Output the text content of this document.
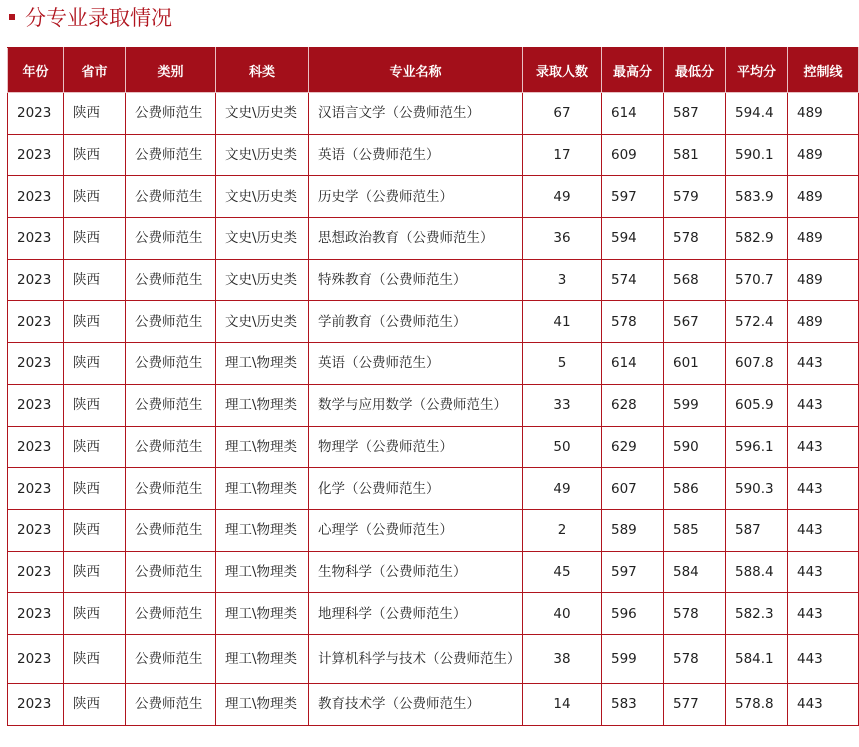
分专业录取情况
年份	省市	类别	科类	专业名称	录取人数	最高分	最低分	平均分	控制线
2023	陕西	公费师范生	文史\历史类	汉语言文学（公费师范生）	67	614	587	594.4	489
2023	陕西	公费师范生	文史\历史类	英语（公费师范生）	17	609	581	590.1	489
2023	陕西	公费师范生	文史\历史类	历史学（公费师范生）	49	597	579	583.9	489
2023	陕西	公费师范生	文史\历史类	思想政治教育（公费师范生）	36	594	578	582.9	489
2023	陕西	公费师范生	文史\历史类	特殊教育（公费师范生）	3	574	568	570.7	489
2023	陕西	公费师范生	文史\历史类	学前教育（公费师范生）	41	578	567	572.4	489
2023	陕西	公费师范生	理工\物理类	英语（公费师范生）	5	614	601	607.8	443
2023	陕西	公费师范生	理工\物理类	数学与应用数学（公费师范生）	33	628	599	605.9	443
2023	陕西	公费师范生	理工\物理类	物理学（公费师范生）	50	629	590	596.1	443
2023	陕西	公费师范生	理工\物理类	化学（公费师范生）	49	607	586	590.3	443
2023	陕西	公费师范生	理工\物理类	心理学（公费师范生）	2	589	585	587	443
2023	陕西	公费师范生	理工\物理类	生物科学（公费师范生）	45	597	584	588.4	443
2023	陕西	公费师范生	理工\物理类	地理科学（公费师范生）	40	596	578	582.3	443
2023	陕西	公费师范生	理工\物理类	计算机科学与技术（公费师范生）	38	599	578	584.1	443
2023	陕西	公费师范生	理工\物理类	教育技术学（公费师范生）	14	583	577	578.8	443
